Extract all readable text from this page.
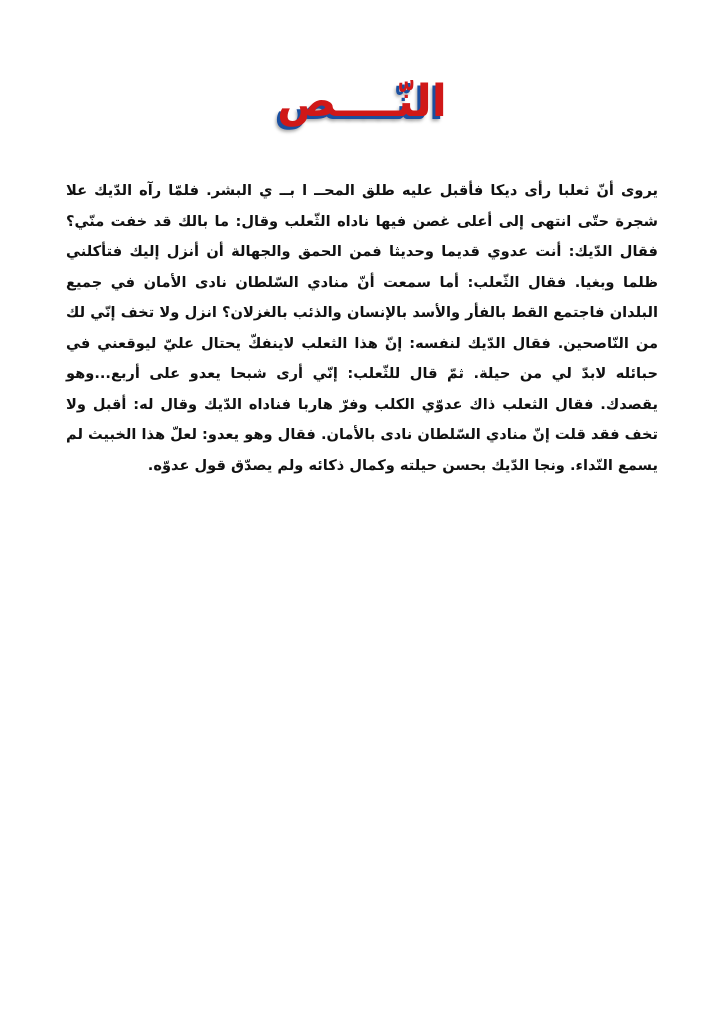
النّــــص
يروى أنّ ثعلبا رأى ديكا فأقبل عليه طلق المحــ ا بــ ي البشر. فلمّا رآه الدّيك علا شجرة حتّى انتهى إلى أعلى غصن فيها ناداه الثّعلب وقال: ما بالك قد خفت منّي؟ فقال الدّيك: أنت عدوي قديما وحديثا فمن الحمق والجهالة أن أنزل إليك فتأكلني ظلما وبغيا. فقال الثّعلب: أما سمعت أنّ منادي السّلطان نادى الأمان في جميع البلدان فاجتمع القط بالفأر والأسد بالإنسان والذئب بالغزلان؟ انزل ولا تخف إنّي لك من النّاصحين. فقال الدّيك لنفسه: إنّ هذا الثعلب لاينفكّ يحتال عليّ ليوقعني في حبائله لابدّ لي من حيلة. ثمّ قال للثّعلب: إنّي أرى شبحا يعدو على أربع...وهو يقصدك. فقال الثعلب ذاك عدوّي الكلب وفرّ هاربا فناداه الدّيك وقال له: أقبل ولا تخف فقد قلت إنّ منادي السّلطان نادى بالأمان. فقال وهو يعدو: لعلّ هذا الخبيث لم يسمع النّداء. ونجا الدّيك بحسن حيلته وكمال ذكائه ولم يصدّق قول عدوّه.
